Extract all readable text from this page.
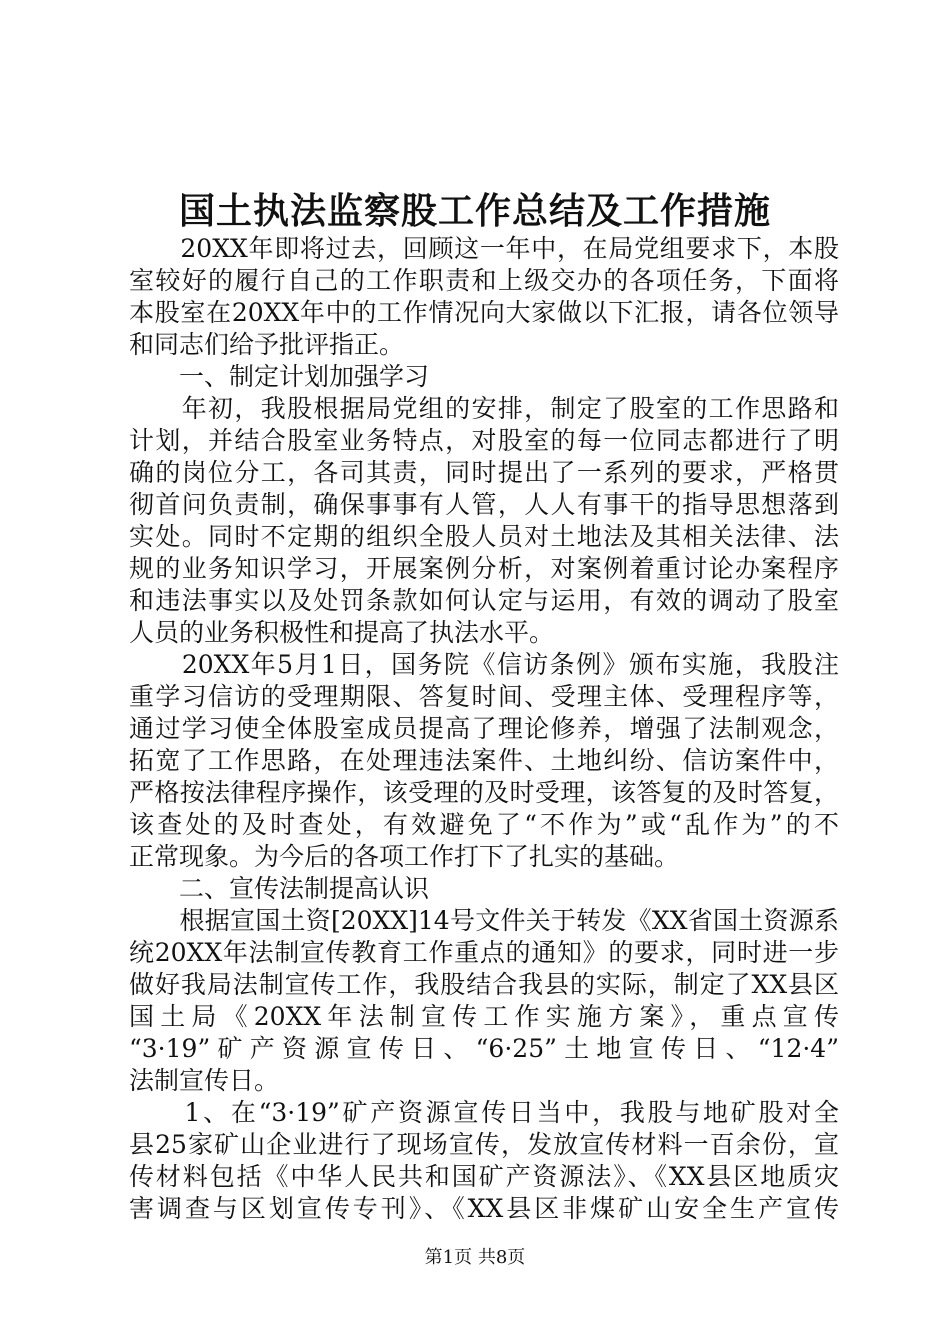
国土执法监察股工作总结及工作措施
　　20XX年即将过去，回顾这一年中，在局党组要求下，本股
室较好的履行自己的工作职责和上级交办的各项任务，下面将
本股室在20XX年中的工作情况向大家做以下汇报，请各位领导
和同志们给予批评指正。
　　一、制定计划加强学习
　　年初，我股根据局党组的安排，制定了股室的工作思路和
计划，并结合股室业务特点，对股室的每一位同志都进行了明
确的岗位分工，各司其责，同时提出了一系列的要求，严格贯
彻首问负责制，确保事事有人管，人人有事干的指导思想落到
实处。同时不定期的组织全股人员对土地法及其相关法律、法
规的业务知识学习，开展案例分析，对案例着重讨论办案程序
和违法事实以及处罚条款如何认定与运用，有效的调动了股室
人员的业务积极性和提高了执法水平。
　　20XX年5月1日，国务院《信访条例》颁布实施，我股注
重学习信访的受理期限、答复时间、受理主体、受理程序等，
通过学习使全体股室成员提高了理论修养，增强了法制观念，
拓宽了工作思路，在处理违法案件、土地纠纷、信访案件中，
严格按法律程序操作，该受理的及时受理，该答复的及时答复，
该查处的及时查处，有效避免了“不作为”或“乱作为”的不
正常现象。为今后的各项工作打下了扎实的基础。
　　二、宣传法制提高认识
　　根据宣国土资[20XX]14号文件关于转发《XX省国土资源系
统20XX年法制宣传教育工作重点的通知》的要求，同时进一步
做好我局法制宣传工作，我股结合我县的实际，制定了XX县区
国土局《20XX年法制宣传工作实施方案》，重点宣传
“3·19”矿产资源宣传日、“6·25”土地宣传日、“12·4”
法制宣传日。
　　1、在“3·19”矿产资源宣传日当中，我股与地矿股对全
县25家矿山企业进行了现场宣传，发放宣传材料一百余份，宣
传材料包括《中华人民共和国矿产资源法》、《XX县区地质灾
害调查与区划宣传专刊》、《XX县区非煤矿山安全生产宣传
第1页 共8页
